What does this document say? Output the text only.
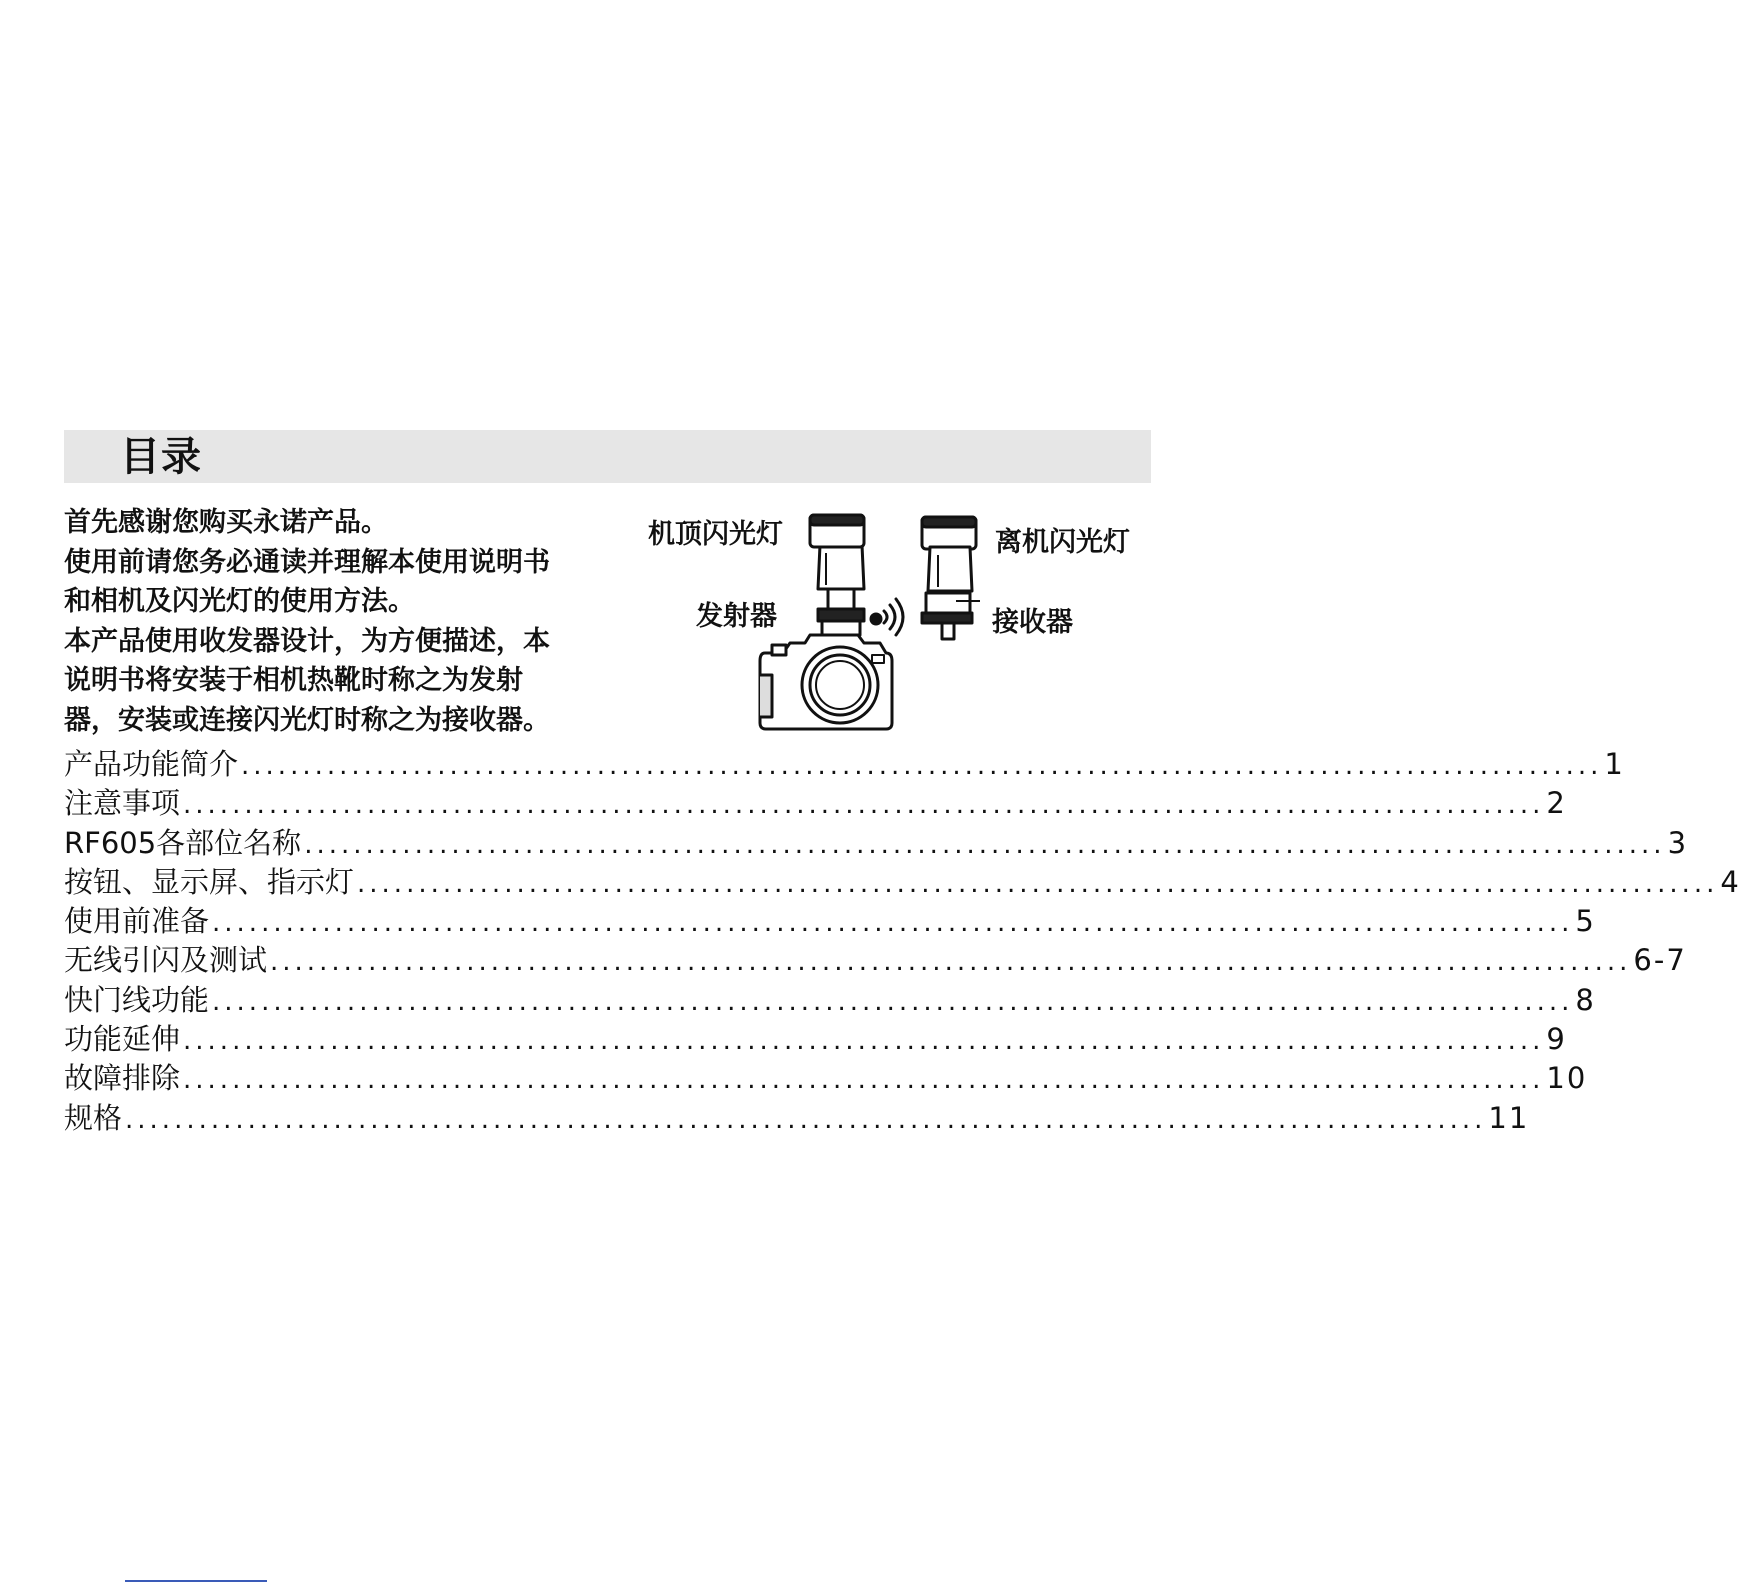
目录
首先感谢您购买永诺产品。
使用前请您务必通读并理解本使用说明书
和相机及闪光灯的使用方法。
本产品使用收发器设计，为方便描述，本
说明书将安装于相机热靴时称之为发射
器，安装或连接闪光灯时称之为接收器。
机顶闪光灯	离机闪光灯
发射器	接收器
产品功能简介 ............................................................................................................... 1
注意事项 ............................................................................................................... 2
RF605各部位名称 ............................................................................................................... 3
按钮、显示屏、指示灯 ............................................................................................................... 4
使用前准备 ............................................................................................................... 5
无线引闪及测试 ............................................................................................................... 6-7
快门线功能 ............................................................................................................... 8
功能延伸 ............................................................................................................... 9
故障排除 ............................................................................................................... 10
规格 ............................................................................................................... 11
